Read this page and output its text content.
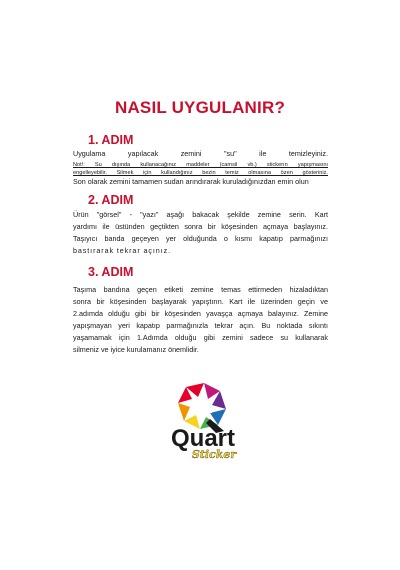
NASIL UYGULANIR?
1. ADIM
Uygulama yapılacak zemini "su" ile temizleyiniz.
Not!: Su dışında kullanacağınız maddeler (camsil vb.) stickerın yapışmasını
engelleyebilir. Silmek için kullandığınız bezin temiz olmasına özen gösteriniz.
Son olarak zemini tamamen sudan arındırarak kuruladığınızdan emin olun
2. ADIM
Ürün "görsel" - "yazı" aşağı bakacak şekilde zemine serin. Kart
yardımı ile üstünden geçtikten sonra bir köşesinden açmaya başlayınız.
Taşıyıcı banda geçeyen yer olduğunda o kısmı kapatıp parmağınızı
bastırarak tekrar açınız.
3. ADIM
Taşıma bandına geçen etiketi zemine temas ettirmeden hizaladıktan
sonra bir köşesinden başlayarak yapıştırın. Kart ile üzerinden geçin ve
2.adımda olduğu gibi bir köşesinden yavaşça açmaya balayınız. Zemine
yapışmayan yeri kapatıp parmağınızla tekrar açın. Bu noktada sıkıntı
yaşamamak için 1.Adımda olduğu gibi zemini sadece su kullanarak
silmeniz ve iyice kurulamanız önemlidir.
Quart
Sticker
